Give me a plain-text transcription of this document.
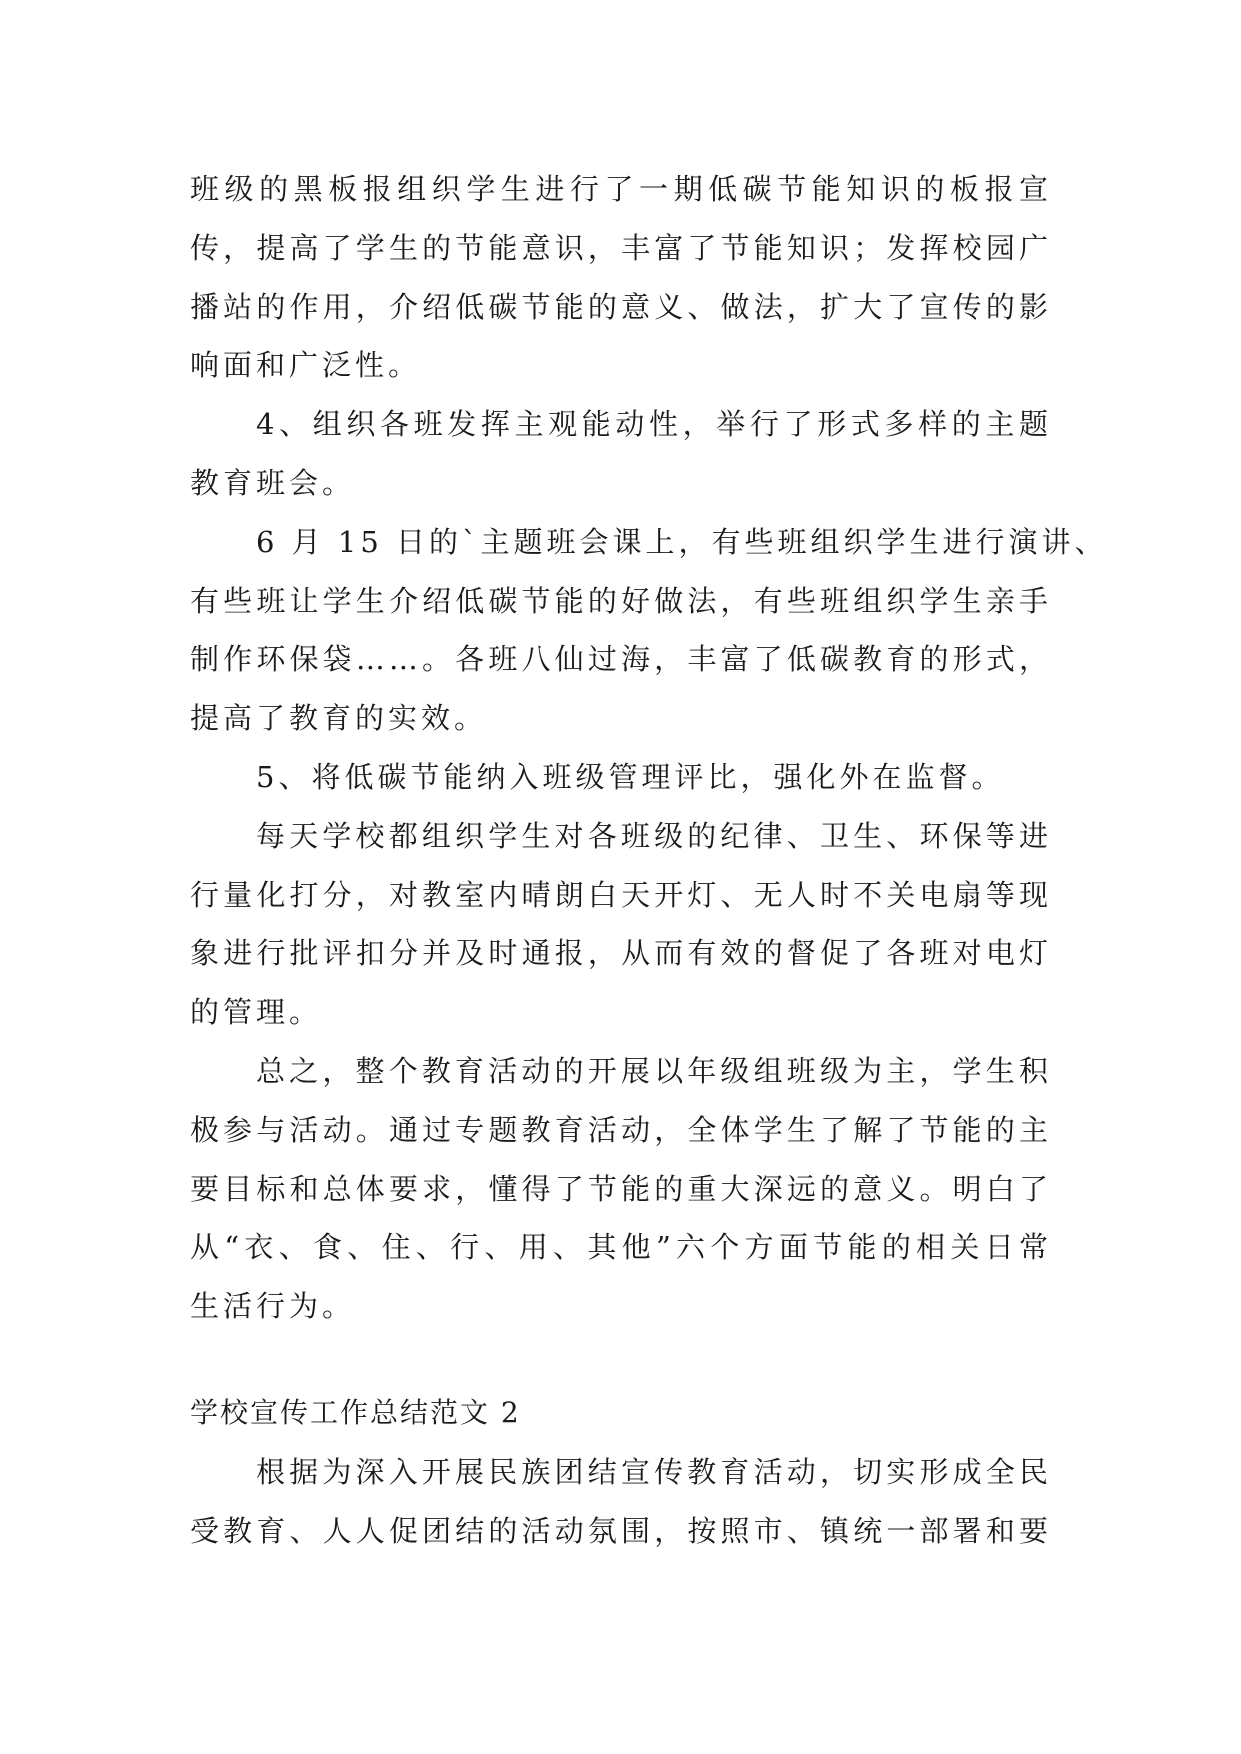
班级的黑板报组织学生进行了一期低碳节能知识的板报宣
传，提高了学生的节能意识，丰富了节能知识；发挥校园广
播站的作用，介绍低碳节能的意义、做法，扩大了宣传的影
响面和广泛性。
4、组织各班发挥主观能动性，举行了形式多样的主题
教育班会。
6 月 15 日的`主题班会课上，有些班组织学生进行演讲、
有些班让学生介绍低碳节能的好做法，有些班组织学生亲手
制作环保袋……。各班八仙过海，丰富了低碳教育的形式，
提高了教育的实效。
5、将低碳节能纳入班级管理评比，强化外在监督。
每天学校都组织学生对各班级的纪律、卫生、环保等进
行量化打分，对教室内晴朗白天开灯、无人时不关电扇等现
象进行批评扣分并及时通报，从而有效的督促了各班对电灯
的管理。
总之，整个教育活动的开展以年级组班级为主，学生积
极参与活动。通过专题教育活动，全体学生了解了节能的主
要目标和总体要求，懂得了节能的重大深远的意义。明白了
从“衣、食、住、行、用、其他”六个方面节能的相关日常
生活行为。
学校宣传工作总结范文 2
根据为深入开展民族团结宣传教育活动，切实形成全民
受教育、人人促团结的活动氛围，按照市、镇统一部署和要
